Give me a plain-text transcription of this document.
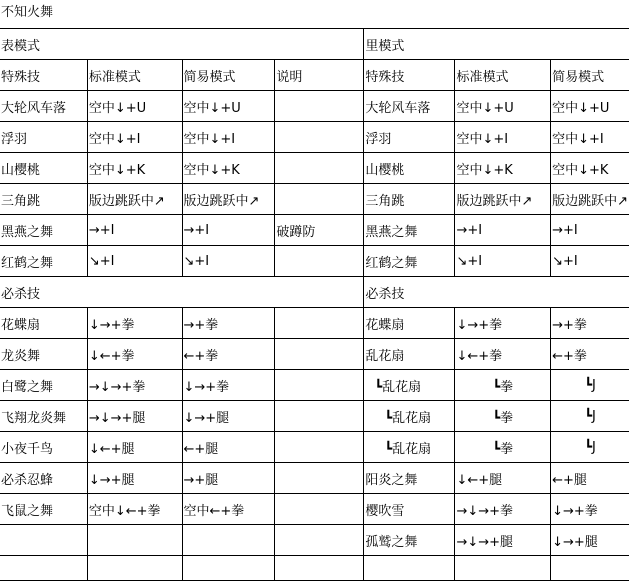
不知火舞
表模式				里模式		
特殊技	标准模式	简易模式	说明	特殊技	标准模式	简易模式
大轮风车落	空中↓+U	空中↓+U		大轮风车落	空中↓+U	空中↓+U
浮羽	空中↓+I	空中↓+I		浮羽	空中↓+I	空中↓+I
山樱桃	空中↓+K	空中↓+K		山樱桃	空中↓+K	空中↓+K
三角跳	版边跳跃中↗	版边跳跃中↗		三角跳	版边跳跃中↗	版边跳跃中↗
黑燕之舞	→+I	→+I	破蹲防	黑燕之舞	→+I	→+I
红鹤之舞	↘+I	↘+I		红鹤之舞	↘+I	↘+I
必杀技				必杀技		
花蝶扇	↓→+拳	→+拳		花蝶扇	↓→+拳	→+拳
龙炎舞	↓←+拳	←+拳		乱花扇	↓←+拳	←+拳
白鹭之舞	→↓→+拳	↓→+拳		┗乱花扇	┗拳	┗J
飞翔龙炎舞	→↓→+腿	↓→+腿		┗乱花扇	┗拳	┗J
小夜千鸟	↓←+腿	←+腿		┗乱花扇	┗拳	┗J
必杀忍蜂	↓→+腿	→+腿		阳炎之舞	↓←+腿	←+腿
飞鼠之舞	空中↓←+拳	空中←+拳		樱吹雪	→↓→+拳	↓→+拳
				孤鹫之舞	→↓→+腿	↓→+腿
